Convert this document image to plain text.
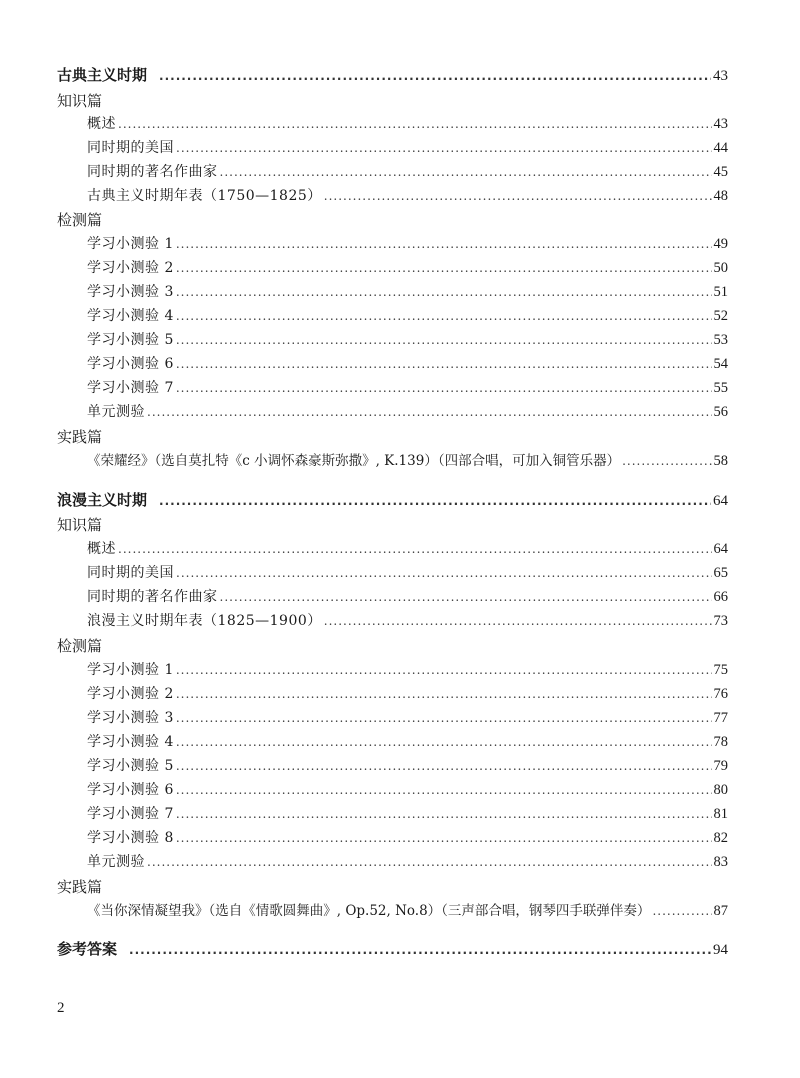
古典主义时期 .....	43
知识篇
概述 .....	43
同时期的美国 .....	44
同时期的著名作曲家 .....	45
古典主义时期年表（1750—1825） .....	48
检测篇
学习小测验 1 .....	49
学习小测验 2 .....	50
学习小测验 3 .....	51
学习小测验 4 .....	52
学习小测验 5 .....	53
学习小测验 6 .....	54
学习小测验 7 .....	55
单元测验 .....	56
实践篇
《荣耀经》（选自莫扎特《c 小调怀森豪斯弥撒》, K.139）（四部合唱，可加入铜管乐器） .....	58
浪漫主义时期 .....	64
知识篇
概述 .....	64
同时期的美国 .....	65
同时期的著名作曲家 .....	66
浪漫主义时期年表（1825—1900） .....	73
检测篇
学习小测验 1 .....	75
学习小测验 2 .....	76
学习小测验 3 .....	77
学习小测验 4 .....	78
学习小测验 5 .....	79
学习小测验 6 .....	80
学习小测验 7 .....	81
学习小测验 8 .....	82
单元测验 .....	83
实践篇
《当你深情凝望我》（选自《情歌圆舞曲》, Op.52, No.8）（三声部合唱，钢琴四手联弹伴奏） .....	87
参考答案 .....	94
2
